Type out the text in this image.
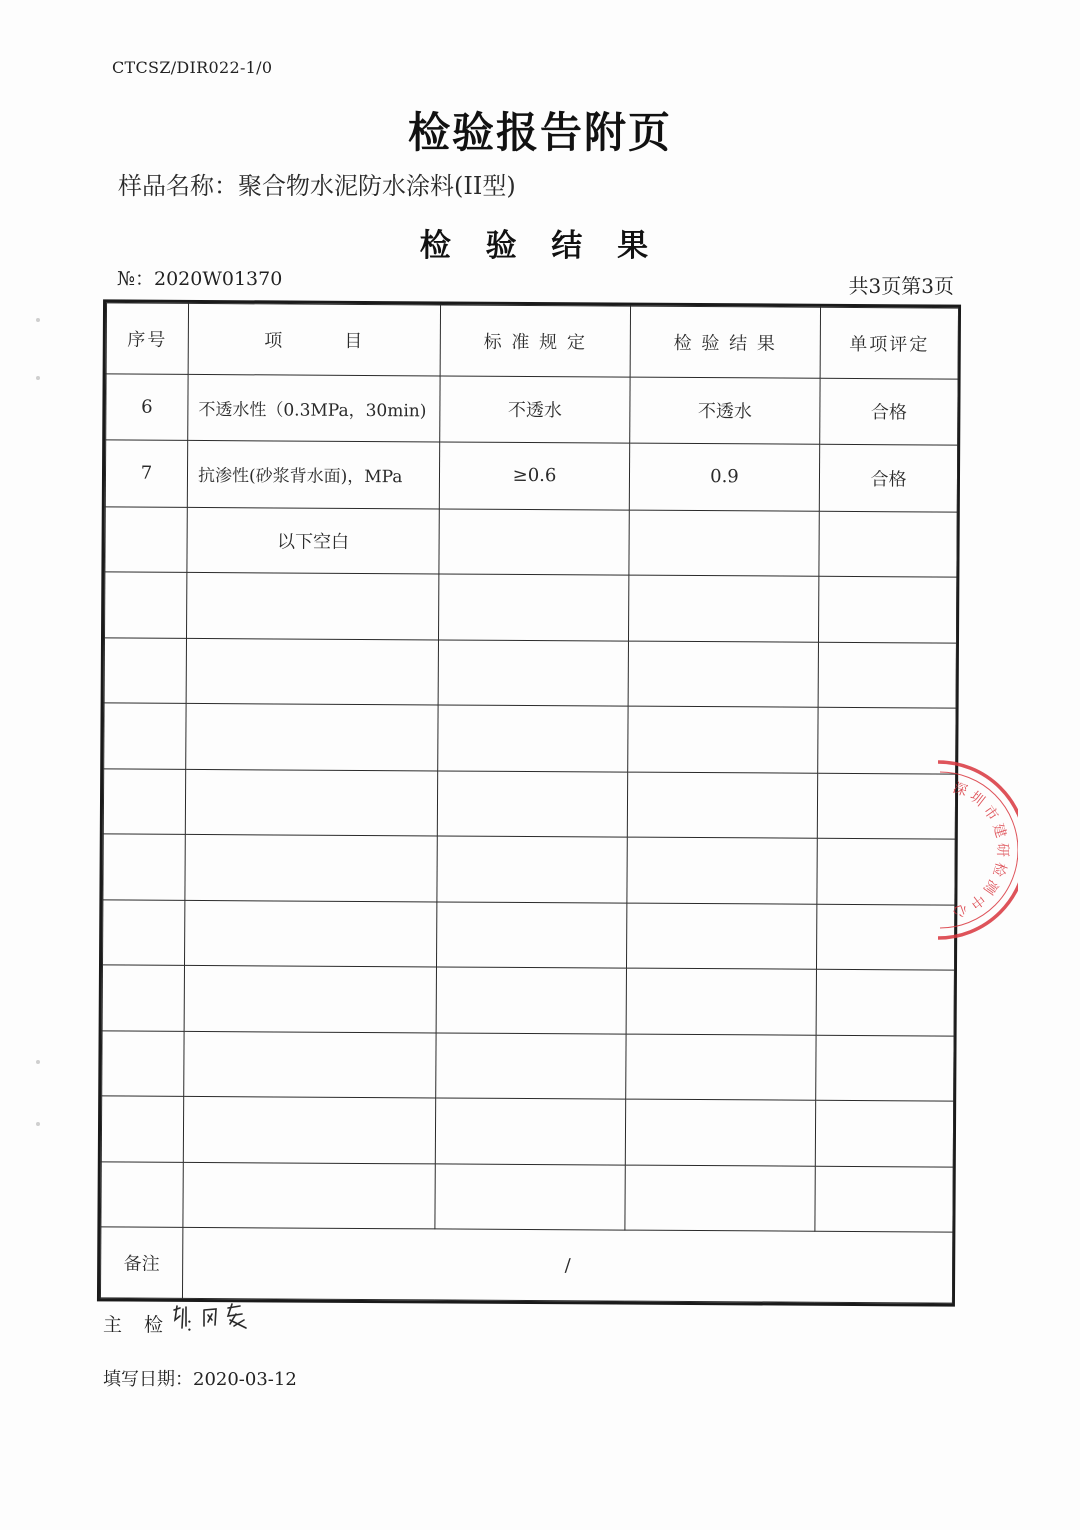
CTCSZ/DIR022-1/0
检验报告附页
样品名称：聚合物水泥防水涂料(II型)
检 验 结 果
№：2020W01370	共3页第3页
序号	项 目	标 准 规 定	检 验 结 果	单项评定
6	不透水性（0.3MPa，30min)	不透水	不透水	合格
7	抗渗性(砂浆背水面)，MPa	≥0.6	0.9	合格
	以下空白			

备注	/			
深
圳
市
建
研
检
测
中
心
主检：
填写日期：2020-03-12
